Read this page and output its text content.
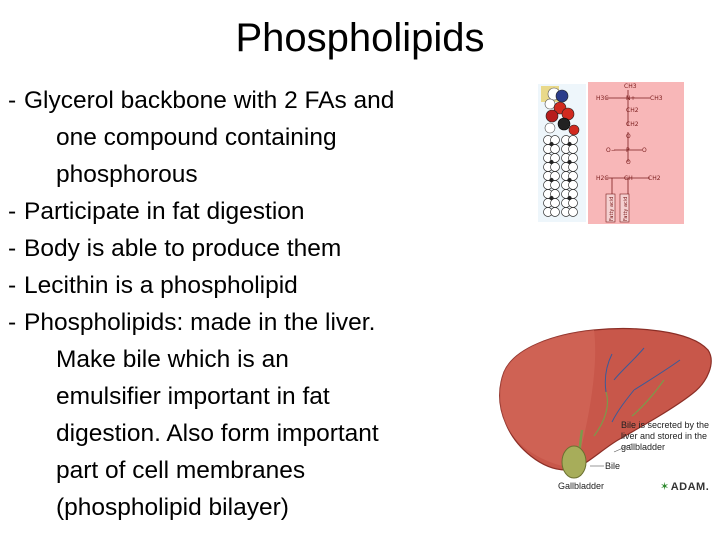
Phospholipids
- Glycerol backbone with 2 FAs and one compound containing phosphorous
- Participate in fat digestion
- Body is able to produce them
- Lecithin is a phospholipid
- Phospholipids: made in the liver. Make bile which is an emulsifier important in fat digestion. Also form important part of cell membranes (phospholipid bilayer)
CH3
H3C	N+ CH3
CH2
CH2
O
O− P O
O
H2C	CH	CH2
Fatty acid Fatty acid
Bile is secreted by the liver and stored in the gallbladder
Bile
Gallbladder	✶ADAM.
